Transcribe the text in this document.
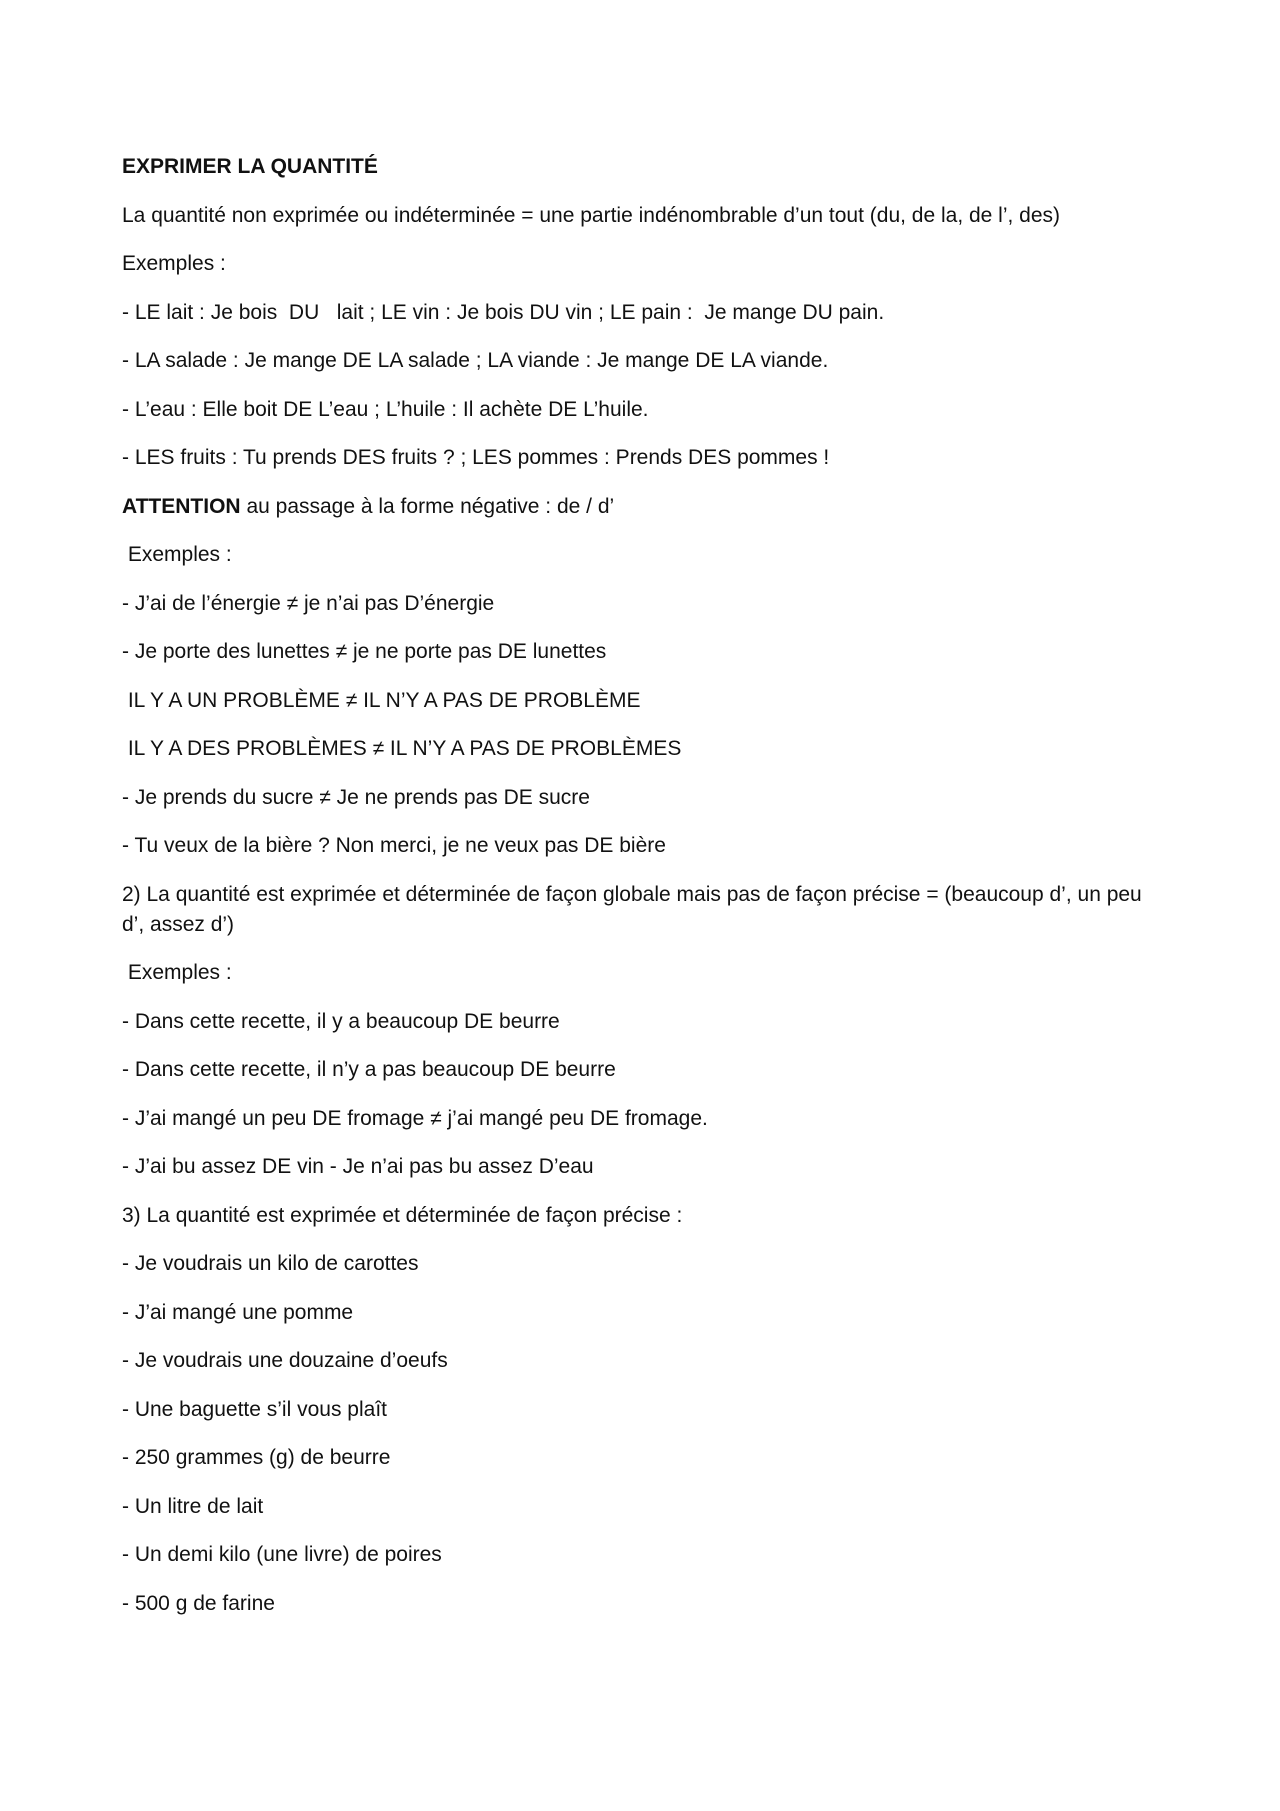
EXPRIMER LA QUANTITÉ
La quantité non exprimée ou indéterminée = une partie indénombrable d’un tout (du, de la, de l’, des)
Exemples :
- LE lait : Je bois  DU   lait ; LE vin : Je bois DU vin ; LE pain :  Je mange DU pain.
- LA salade : Je mange DE LA salade ; LA viande : Je mange DE LA viande.
- L’eau : Elle boit DE L’eau ; L’huile : Il achète DE L’huile.
- LES fruits : Tu prends DES fruits ? ; LES pommes : Prends DES pommes !
ATTENTION au passage à la forme négative : de / d’
Exemples :
- J’ai de l’énergie ≠ je n’ai pas D’énergie
- Je porte des lunettes ≠ je ne porte pas DE lunettes
IL Y A UN PROBLÈME ≠ IL N’Y A PAS DE PROBLÈME
IL Y A DES PROBLÈMES ≠ IL N’Y A PAS DE PROBLÈMES
- Je prends du sucre ≠ Je ne prends pas DE sucre
- Tu veux de la bière ? Non merci, je ne veux pas DE bière
2) La quantité est exprimée et déterminée de façon globale mais pas de façon précise = (beaucoup d’, un peu d’, assez d’)
Exemples :
- Dans cette recette, il y a beaucoup DE beurre
- Dans cette recette, il n’y a pas beaucoup DE beurre
- J’ai mangé un peu DE fromage ≠ j’ai mangé peu DE fromage.
- J’ai bu assez DE vin - Je n’ai pas bu assez D’eau
3) La quantité est exprimée et déterminée de façon précise :
- Je voudrais un kilo de carottes
- J’ai mangé une pomme
- Je voudrais une douzaine d’oeufs
- Une baguette s’il vous plaît
- 250 grammes (g) de beurre
- Un litre de lait
- Un demi kilo (une livre) de poires
- 500 g de farine
